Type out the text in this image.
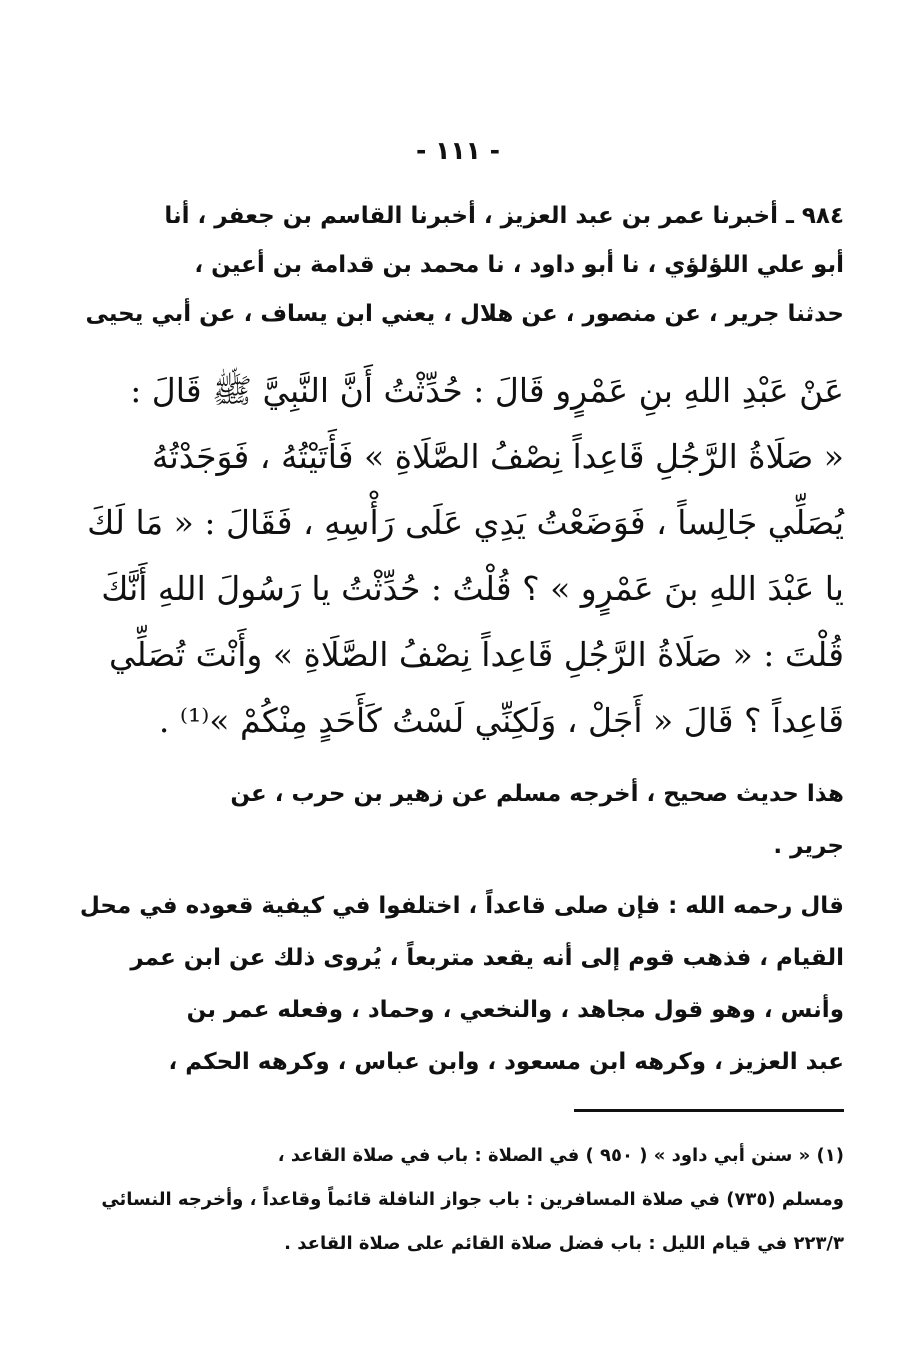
- ١١١ -
٩٨٤ ـ أخبرنا عمر بن عبد العزيز ، أخبرنا القاسم بن جعفر ، أنا
أبو علي اللؤلؤي ، نا أبو داود ، نا محمد بن قدامة بن أعين ،
حدثنا جرير ، عن منصور ، عن هلال ، يعني ابن يساف ، عن أبي يحيى
عَنْ عَبْدِ اللهِ بنِ عَمْرٍو قَالَ : حُدِّثْتُ أَنَّ النَّبِيَّ ﷺ قَالَ :
« صَلَاةُ الرَّجُلِ قَاعِداً نِصْفُ الصَّلَاةِ » فَأَتَيْتُهُ ، فَوَجَدْتُهُ
يُصَلِّي جَالِساً ، فَوَضَعْتُ يَدِي عَلَى رَأْسِهِ ، فَقَالَ : « مَا لَكَ
يا عَبْدَ اللهِ بنَ عَمْرٍو » ؟ قُلْتُ : حُدِّثْتُ يا رَسُولَ اللهِ أَنَّكَ
قُلْتَ : « صَلَاةُ الرَّجُلِ قَاعِداً نِصْفُ الصَّلَاةِ » وأَنْتَ تُصَلِّي
قَاعِداً ؟ قَالَ « أَجَلْ ، وَلَكِنِّي لَسْتُ كَأَحَدٍ مِنْكُمْ »⁽¹⁾ .
هذا حديث صحيح ، أخرجه مسلم عن زهير بن حرب ، عن
جرير .
قال رحمه الله : فإن صلى قاعداً ، اختلفوا في كيفية قعوده في محل
القيام ، فذهب قوم إلى أنه يقعد متربعاً ، يُروى ذلك عن ابن عمر
وأنس ، وهو قول مجاهد ، والنخعي ، وحماد ، وفعله عمر بن
عبد العزيز ، وكرهه ابن مسعود ، وابن عباس ، وكرهه الحكم ،
(١) « سنن أبي داود » ( ٩٥٠ ) في الصلاة : باب في صلاة القاعد ،
ومسلم (٧٣٥) في صلاة المسافرين : باب جواز النافلة قائماً وقاعداً ، وأخرجه النسائي
٢٢٣/٣ في قيام الليل : باب فضل صلاة القائم على صلاة القاعد .
